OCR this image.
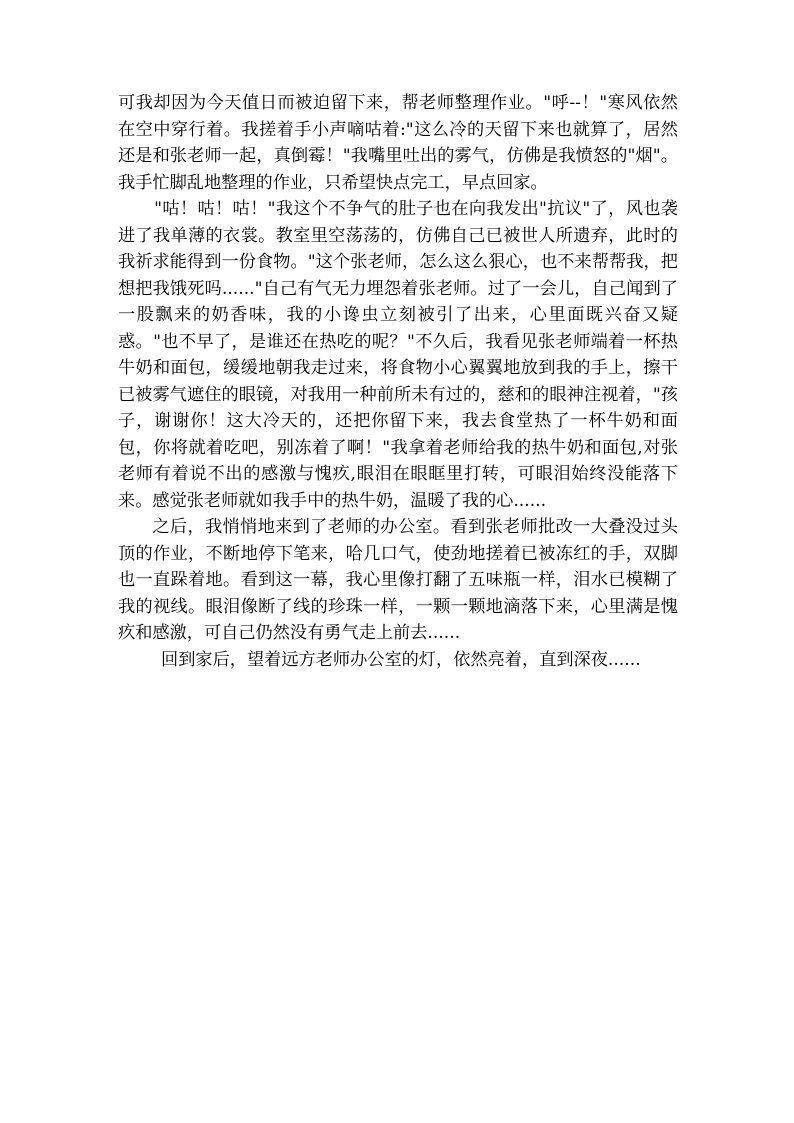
可我却因为今天值日而被迫留下来，帮老师整理作业。"呼--！"寒风依然在空中穿行着。我搓着手小声嘀咕着:"这么冷的天留下来也就算了，居然还是和张老师一起，真倒霉！"我嘴里吐出的雾气，仿佛是我愤怒的"烟"。我手忙脚乱地整理的作业，只希望快点完工，早点回家。

"咕！咕！咕！"我这个不争气的肚子也在向我发出"抗议"了，风也袭进了我单薄的衣裳。教室里空荡荡的，仿佛自己已被世人所遗弃，此时的我祈求能得到一份食物。"这个张老师，怎么这么狠心，也不来帮帮我，把想把我饿死吗......"自己有气无力埋怨着张老师。过了一会儿，自己闻到了一股飘来的奶香味，我的小谗虫立刻被引了出来，心里面既兴奋又疑惑。"也不早了，是谁还在热吃的呢？"不久后，我看见张老师端着一杯热牛奶和面包，缓缓地朝我走过来，将食物小心翼翼地放到我的手上，擦干已被雾气遮住的眼镜，对我用一种前所未有过的，慈和的眼神注视着，"孩子，谢谢你！这大冷天的，还把你留下来，我去食堂热了一杯牛奶和面包，你将就着吃吧，别冻着了啊！"我拿着老师给我的热牛奶和面包,对张老师有着说不出的感激与愧疚,眼泪在眼眶里打转，可眼泪始终没能落下来。感觉张老师就如我手中的热牛奶，温暖了我的心......

之后，我悄悄地来到了老师的办公室。看到张老师批改一大叠没过头顶的作业，不断地停下笔来，哈几口气，使劲地搓着已被冻红的手，双脚也一直跺着地。看到这一幕，我心里像打翻了五味瓶一样，泪水已模糊了我的视线。眼泪像断了线的珍珠一样，一颗一颗地滴落下来，心里满是愧疚和感激，可自己仍然没有勇气走上前去......

回到家后，望着远方老师办公室的灯，依然亮着，直到深夜......
